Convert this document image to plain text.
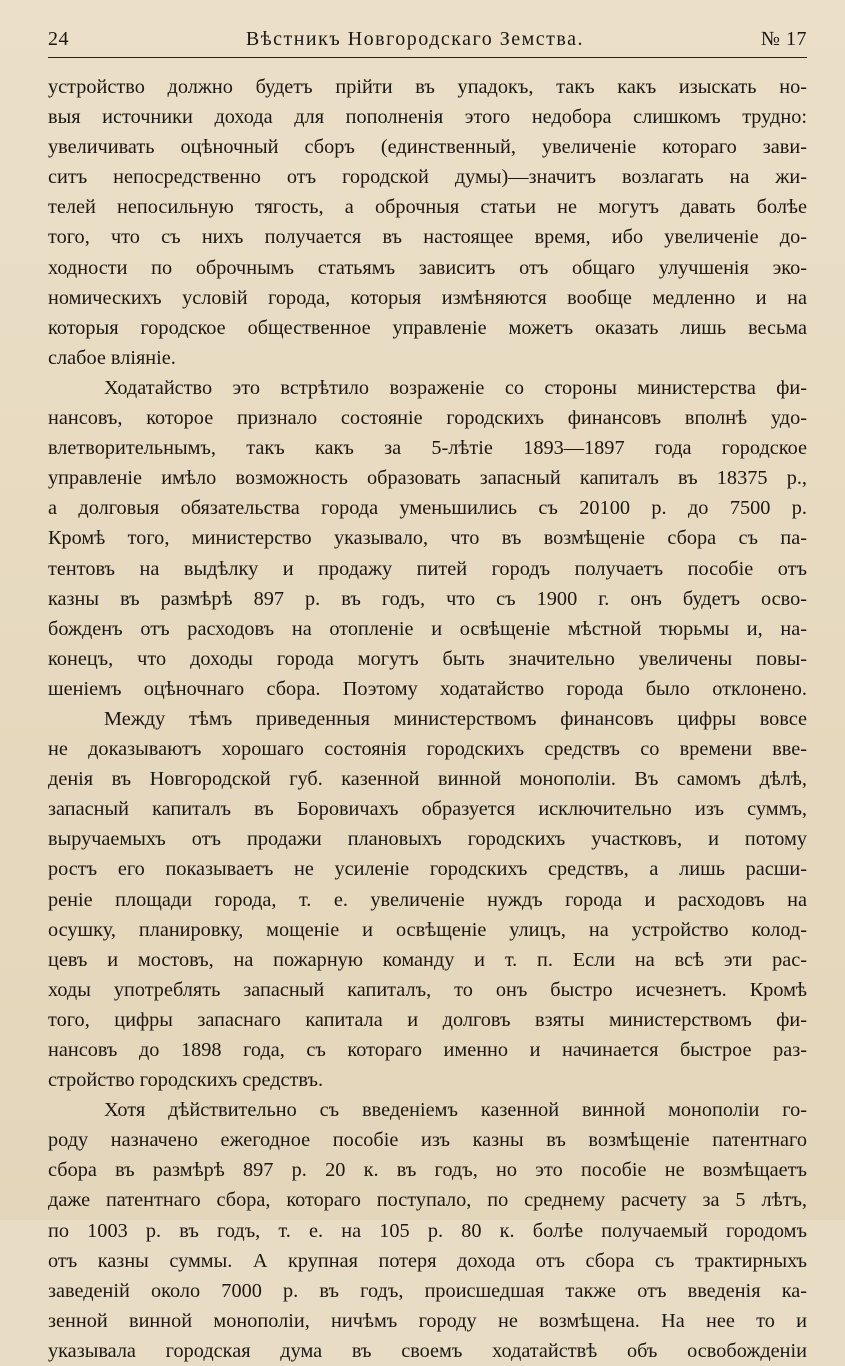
24	Вѣстникъ Новгородскаго Земства.	№ 17

устройство должно будетъ прійти въ упадокъ, такъ какъ изыскать но-

выя источники дохода для пополненія этого недобора слишкомъ трудно:

увеличивать оцѣночный сборъ (единственный, увеличеніе котораго зави-

ситъ непосредственно отъ городской думы)—значитъ возлагать на жи-

телей непосильную тягость, а оброчныя статьи не могутъ давать болѣе

того, что съ нихъ получается въ настоящее время, ибо увеличеніе до-

ходности по оброчнымъ статьямъ зависитъ отъ общаго улучшенія эко-

номическихъ условій города, которыя измѣняются вообще медленно и на

которыя городское общественное управленіе можетъ оказать лишь весьма

слабое вліяніе.

Ходатайство это встрѣтило возраженіе со стороны министерства фи-

нансовъ, которое признало состояніе городскихъ финансовъ вполнѣ удо-

влетворительнымъ, такъ какъ за 5-лѣтіе 1893—1897 года городское

управленіе имѣло возможность образовать запасный капиталъ въ 18375 р.,

а долговыя обязательства города уменьшились съ 20100 р. до 7500 р.

Кромѣ того, министерство указывало, что въ возмѣщеніе сбора съ па-

тентовъ на выдѣлку и продажу питей городъ получаетъ пособіе отъ

казны въ размѣрѣ 897 р. въ годъ, что съ 1900 г. онъ будетъ осво-

божденъ отъ расходовъ на отопленіе и освѣщеніе мѣстной тюрьмы и, на-

конецъ, что доходы города могутъ быть значительно увеличены повы-

шеніемъ оцѣночнаго сбора. Поэтому ходатайство города было отклонено.

Между тѣмъ приведенныя министерствомъ финансовъ цифры вовсе

не доказываютъ хорошаго состоянія городскихъ средствъ со времени вве-

денія въ Новгородской губ. казенной винной монополіи. Въ самомъ дѣлѣ,

запасный капиталъ въ Боровичахъ образуется исключительно изъ суммъ,

выручаемыхъ отъ продажи плановыхъ городскихъ участковъ, и потому

ростъ его показываетъ не усиленіе городскихъ средствъ, а лишь расши-

реніе площади города, т. е. увеличеніе нуждъ города и расходовъ на

осушку, планировку, мощеніе и освѣщеніе улицъ, на устройство колод-

цевъ и мостовъ, на пожарную команду и т. п. Если на всѣ эти рас-

ходы употреблять запасный капиталъ, то онъ быстро исчезнетъ. Кромѣ

того, цифры запаснаго капитала и долговъ взяты министерствомъ фи-

нансовъ до 1898 года, съ котораго именно и начинается быстрое раз-

стройство городскихъ средствъ.

Хотя дѣйствительно съ введеніемъ казенной винной монополіи го-

роду назначено ежегодное пособіе изъ казны въ возмѣщеніе патентнаго

сбора въ размѣрѣ 897 р. 20 к. въ годъ, но это пособіе не возмѣщаетъ

даже патентнаго сбора, котораго поступало, по среднему расчету за 5 лѣтъ,

по 1003 р. въ годъ, т. е. на 105 р. 80 к. болѣе получаемый городомъ

отъ казны суммы. А крупная потеря дохода отъ сбора съ трактирныхъ

заведеній около 7000 р. въ годъ, происшедшая также отъ введенія ка-

зенной винной монополіи, ничѣмъ городу не возмѣщена. На нее то и

указывала городская дума въ своемъ ходатайствѣ объ освобожденіи
